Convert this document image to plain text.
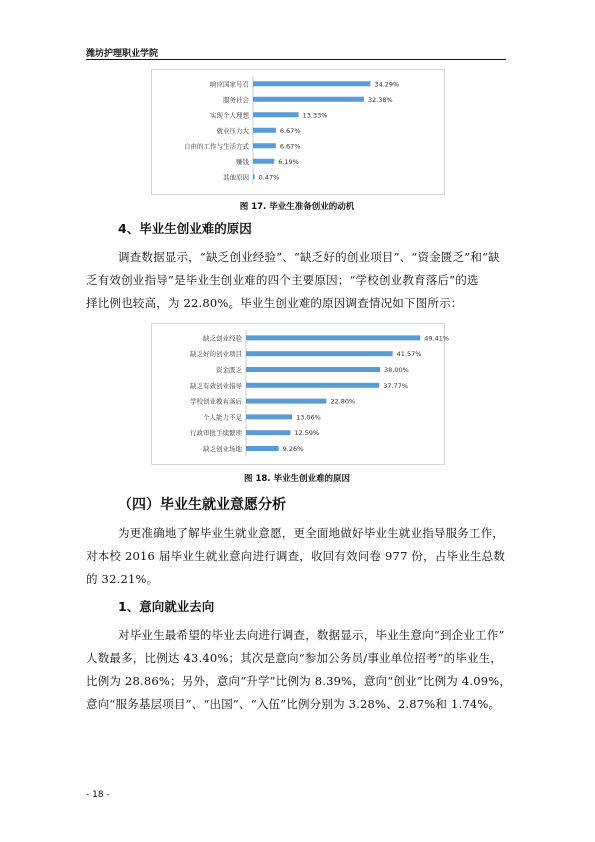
潍坊护理职业学院
响应国家号召	34.29%
服务社会	32.38%
实现个人理想	13.33%
就业压力大	6.67%
自由的工作与生活方式	6.67%
赚钱	6.19%
其他原因 0.47%
图 17. 毕业生准备创业的动机
4、毕业生创业难的原因

调查数据显示，“缺乏创业经验”、“缺乏好的创业项目”、“资金匮乏”和“缺

乏有效创业指导”是毕业生创业难的四个主要原因；“学校创业教育落后”的选

择比例也较高，为 22.80%。毕业生创业难的原因调查情况如下图所示：

缺乏创业经验	49.41%
缺乏好的创业项目	41.57%
资金匮乏	38.00%
缺乏有效创业指导	37.77%
学校创业教育落后	22.80%
个人能力不足	13.06%
行政审批手续繁琐	12.59%
缺乏创业场地	9.26%
图 18. 毕业生创业难的原因
（四）毕业生就业意愿分析

为更准确地了解毕业生就业意愿，更全面地做好毕业生就业指导服务工作，

对本校 2016 届毕业生就业意向进行调查，收回有效问卷 977 份，占毕业生总数

的 32.21%。

1、意向就业去向

对毕业生最希望的毕业去向进行调查，数据显示，毕业生意向“到企业工作”

人数最多，比例达 43.40%；其次是意向“参加公务员/事业单位招考”的毕业生，

比例为 28.86%；另外，意向“升学”比例为 8.39%，意向“创业”比例为 4.09%，

意向“服务基层项目”、“出国”、“入伍”比例分别为 3.28%、2.87%和 1.74%。

- 18 -
